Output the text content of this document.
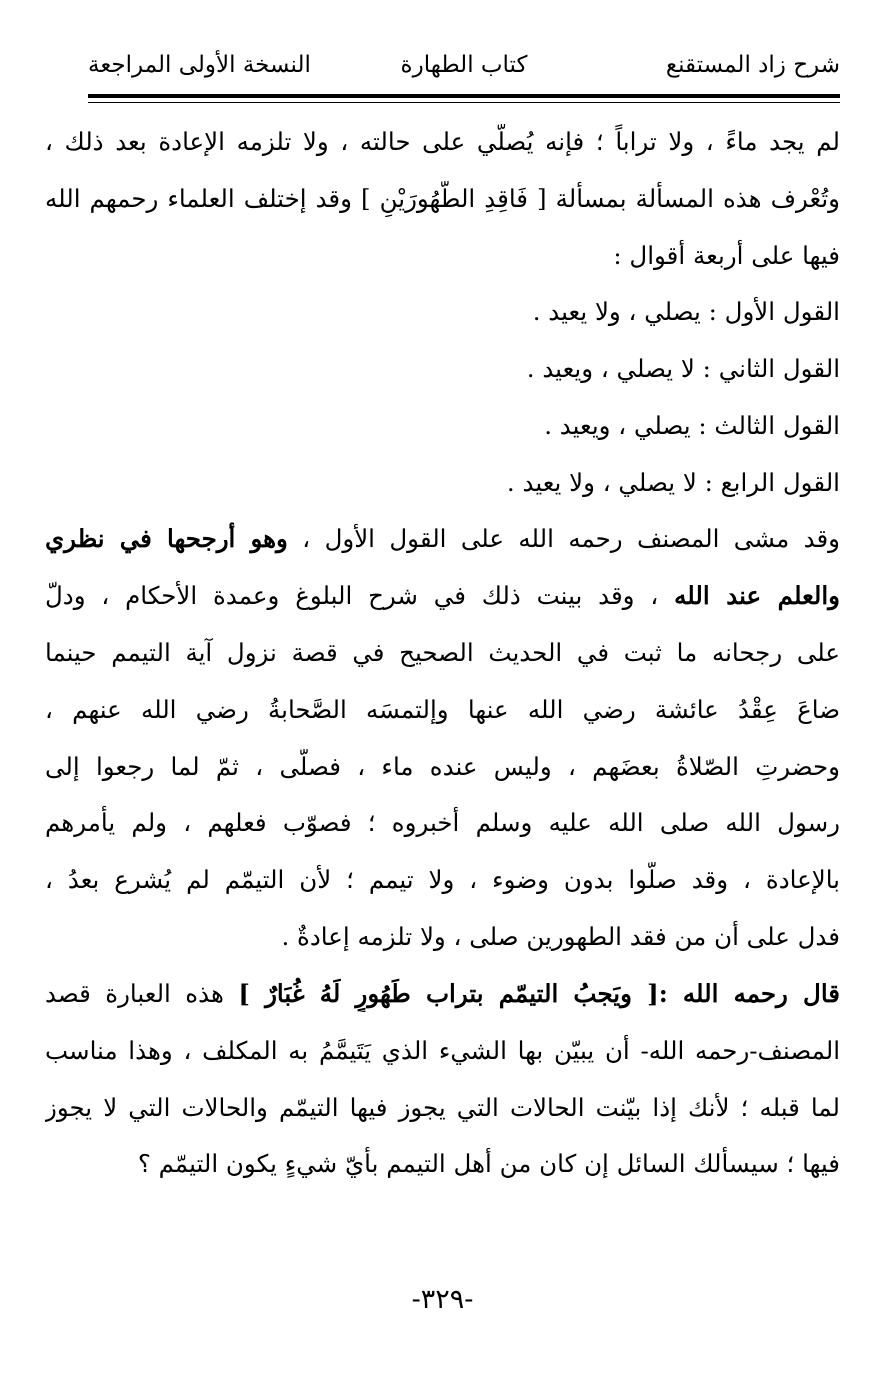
شرح زاد المستقنع
كتاب الطهارة
النسخة الأولى المراجعة
لم يجد ماءً ، ولا تراباً ؛ فإنه يُصلّي على حالته ، ولا تلزمه الإعادة بعد ذلك ،
وتُعْرف هذه المسألة بمسألة [ فَاقِدِ الطَّهُورَيْنِ ] وقد إختلف العلماء رحمهم الله
فيها على أربعة أقوال :
القول الأول : يصلي ، ولا يعيد .
القول الثاني : لا يصلي ، ويعيد .
القول الثالث : يصلي ، ويعيد .
القول الرابع : لا يصلي ، ولا يعيد .
وقد مشى المصنف رحمه الله على القول الأول ، وهو أرجحها في نظري
والعلم عند الله ، وقد بينت ذلك في شرح البلوغ وعمدة الأحكام ، ودلّ
على رجحانه ما ثبت في الحديث الصحيح في قصة نزول آية التيمم حينما
ضاعَ عِقْدُ عائشة رضي الله عنها وإلتمسَه الصَّحابةُ رضي الله عنهم ،
وحضرتِ الصّلاةُ بعضَهم ، وليس عنده ماء ، فصلّى ، ثمّ لما رجعوا إلى
رسول الله صلى الله عليه وسلم أخبروه ؛ فصوّب فعلهم ، ولم يأمرهم
بالإعادة ، وقد صلّوا بدون وضوء ، ولا تيمم ؛ لأن التيمّم لم يُشرع بعدُ ،
فدل على أن من فقد الطهورين صلى ، ولا تلزمه إعادةٌ .
قال رحمه الله :[ ويَجبُ التيمّم بتراب طَهُورٍ لَهُ غُبَارٌ ] هذه العبارة قصد
المصنف-رحمه الله- أن يبيّن بها الشيء الذي يَتَيمَّمُ به المكلف ، وهذا مناسب
لما قبله ؛ لأنك إذا بيّنت الحالات التي يجوز فيها التيمّم والحالات التي لا يجوز
فيها ؛ سيسألك السائل إن كان من أهل التيمم بأيّ شيءٍ يكون التيمّم ؟
-٣٢٩-
